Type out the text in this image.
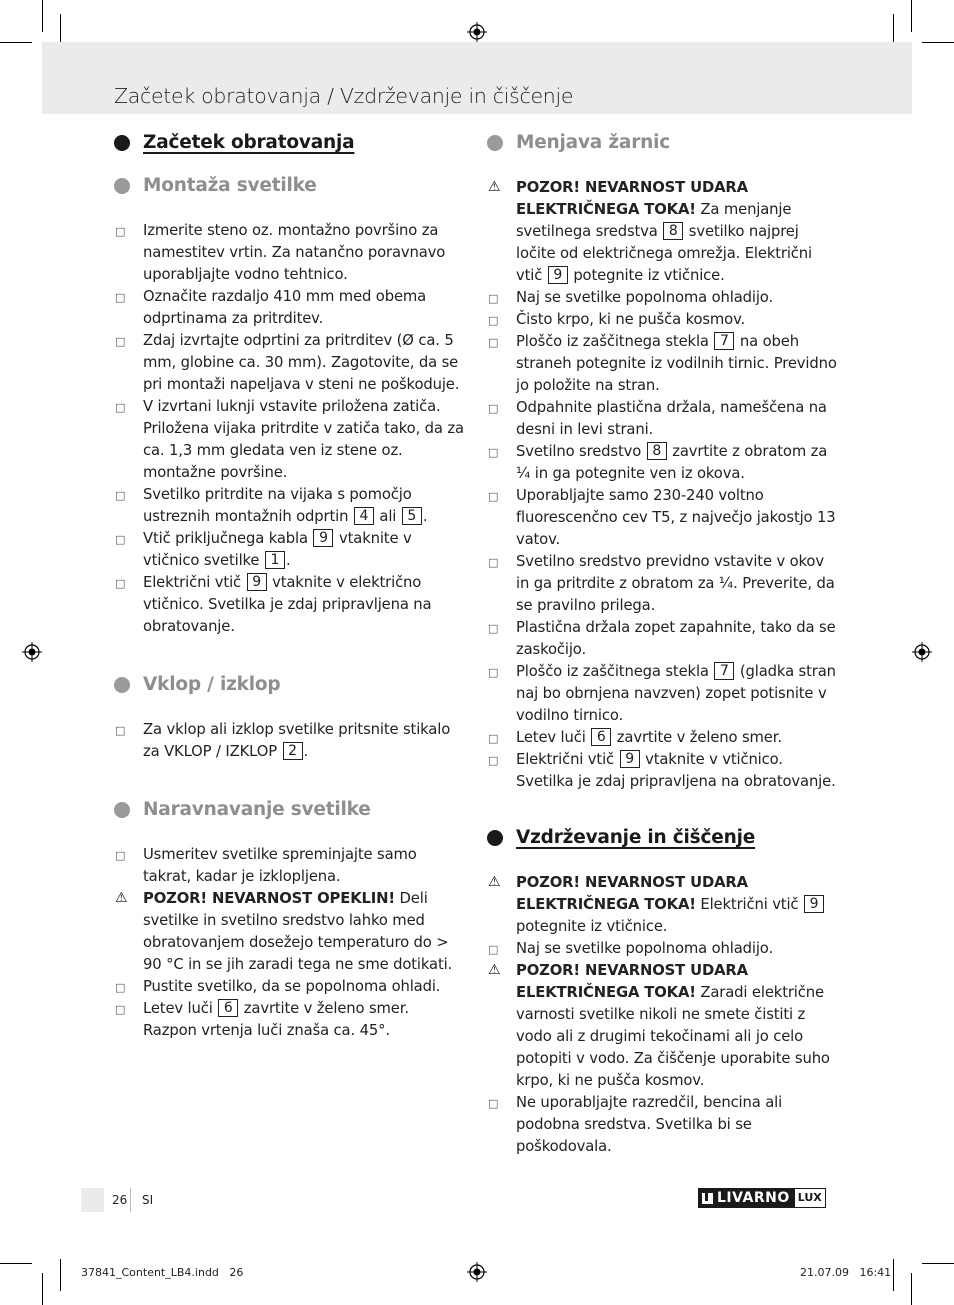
Začetek obratovanja / Vzdrževanje in čiščenje
Začetek obratovanja
Montaža svetilke
□	Izmerite steno oz. montažno površino za namestitev vrtin. Za natančno poravnavo uporabljajte vodno tehtnico.
□	Označite razdaljo 410 mm med obema odprtinama za pritrditev.
□	Zdaj izvrtajte odprtini za pritrditev (Ø ca. 5 mm, globine ca. 30 mm). Zagotovite, da se pri montaži napeljava v steni ne poškoduje.
□	V izvrtani luknji vstavite priložena zatiča. Priložena vijaka pritrdite v zatiča tako, da za ca. 1,3 mm gledata ven iz stene oz. montažne površine.
□	Svetilko pritrdite na vijaka s pomočjo ustreznih montažnih odprtin 4 ali 5 .
□	Vtič priključnega kabla 9 vtaknite v vtičnico svetilke 1 .
□	Električni vtič 9 vtaknite v električno vtičnico. Svetilka je zdaj pripravljena na obratovanje.
Vklop / izklop
□	Za vklop ali izklop svetilke pritsnite stikalo za VKLOP / IZKLOP 2 .
Naravnavanje svetilke
□	Usmeritev svetilke spreminjajte samo takrat, kadar je izklopljena.
⚠	POZOR! NEVARNOST OPEKLIN! Deli svetilke in svetilno sredstvo lahko med obratovanjem dosežejo temperaturo do > 90 °C in se jih zaradi tega ne sme dotikati.
□	Pustite svetilko, da se popolnoma ohladi.
□	Letev luči 6 zavrtite v želeno smer. Razpon vrtenja luči znaša ca. 45°.
Menjava žarnic
⚠	POZOR! NEVARNOST UDARA ELEKTRIČNEGA TOKA! Za menjanje svetilnega sredstva 8 svetilko najprej ločite od električnega omrežja. Električni vtič 9 potegnite iz vtičnice.
□	Naj se svetilke popolnoma ohladijo.
□	Čisto krpo, ki ne pušča kosmov.
□	Ploščo iz zaščitnega stekla 7 na obeh straneh potegnite iz vodilnih tirnic. Previdno jo položite na stran.
□	Odpahnite plastična držala, nameščena na desni in levi strani.
□	Svetilno sredstvo 8 zavrtite z obratom za ¼ in ga potegnite ven iz okova.
□	Uporabljajte samo 230-240 voltno fluorescenčno cev T5, z največjo jakostjo 13 vatov.
□	Svetilno sredstvo previdno vstavite v okov in ga pritrdite z obratom za ¼. Preverite, da se pravilno prilega.
□	Plastična držala zopet zapahnite, tako da se zaskočijo.
□	Ploščo iz zaščitnega stekla 7 (gladka stran naj bo obrnjena navzven) zopet potisnite v vodilno tirnico.
□	Letev luči 6 zavrtite v želeno smer.
□	Električni vtič 9 vtaknite v vtičnico. Svetilka je zdaj pripravljena na obratovanje.
Vzdrževanje in čiščenje
⚠	POZOR! NEVARNOST UDARA ELEKTRIČNEGA TOKA! Električni vtič 9 potegnite iz vtičnice.
□	Naj se svetilke popolnoma ohladijo.
⚠	POZOR! NEVARNOST UDARA ELEKTRIČNEGA TOKA! Zaradi električne varnosti svetilke nikoli ne smete čistiti z vodo ali z drugimi tekočinami ali jo celo potopiti v vodo. Za čiščenje uporabite suho krpo, ki ne pušča kosmov.
□	Ne uporabljajte razredčil, bencina ali podobna sredstva. Svetilka bi se poškodovala.
26 SI	LIVARNO LUX
37841_Content_LB4.indd   26	21.07.09   16:41
